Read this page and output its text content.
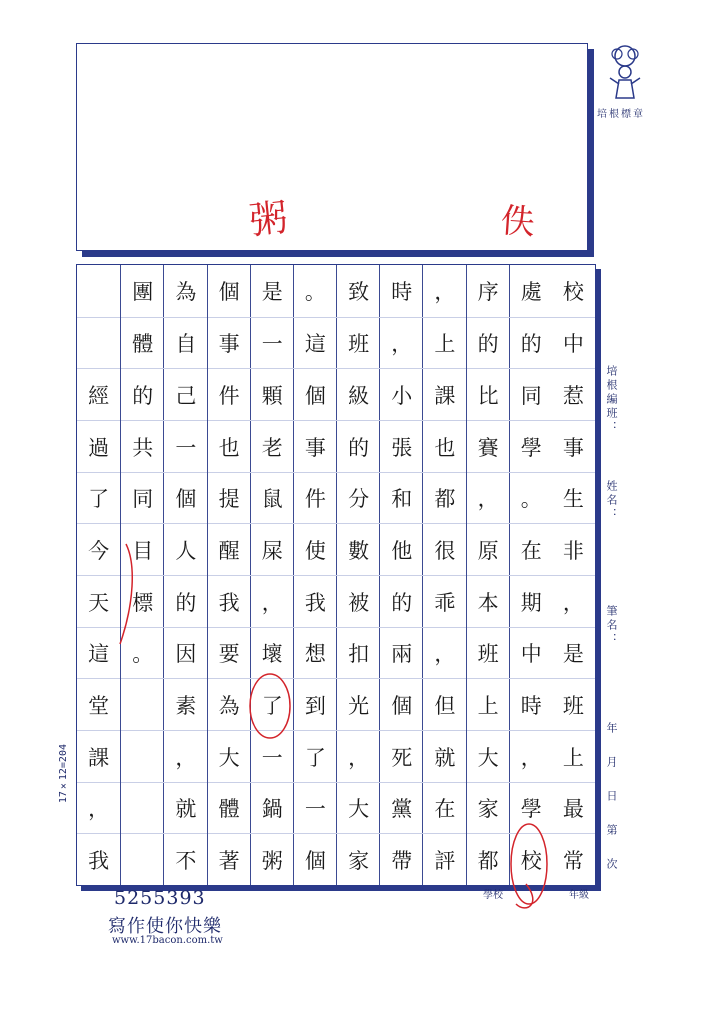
培根標章
粥	佚
培根編班：
姓名：
筆名：
年　月　日　第　次
校
中
惹
事
生
非
，
是
班
上
最
常
處
的
同
學
。
在
期
中
時
，
學
校
序
的
比
賽
，
原
本
班
上
大
家
都
，
上
課
也
都
很
乖
，
但
就
在
評
時
，
小
張
和
他
的
兩
個
死
黨
帶
致
班
級
的
分
數
被
扣
光
，
大
家
。
這
個
事
件
使
我
想
到
了
一
個
是
一
顆
老
鼠
屎
，
壞
了
一
鍋
粥
個
事
件
也
提
醒
我
要
為
大
體
著
為
自
己
一
個
人
的
因
素
，
就
不
團
體
的
共
同
目
標
。
經
過
了
今
天
這
堂
課
，
我
17×12=204
學校	年級
5255393
寫作使你快樂
www.17bacon.com.tw
